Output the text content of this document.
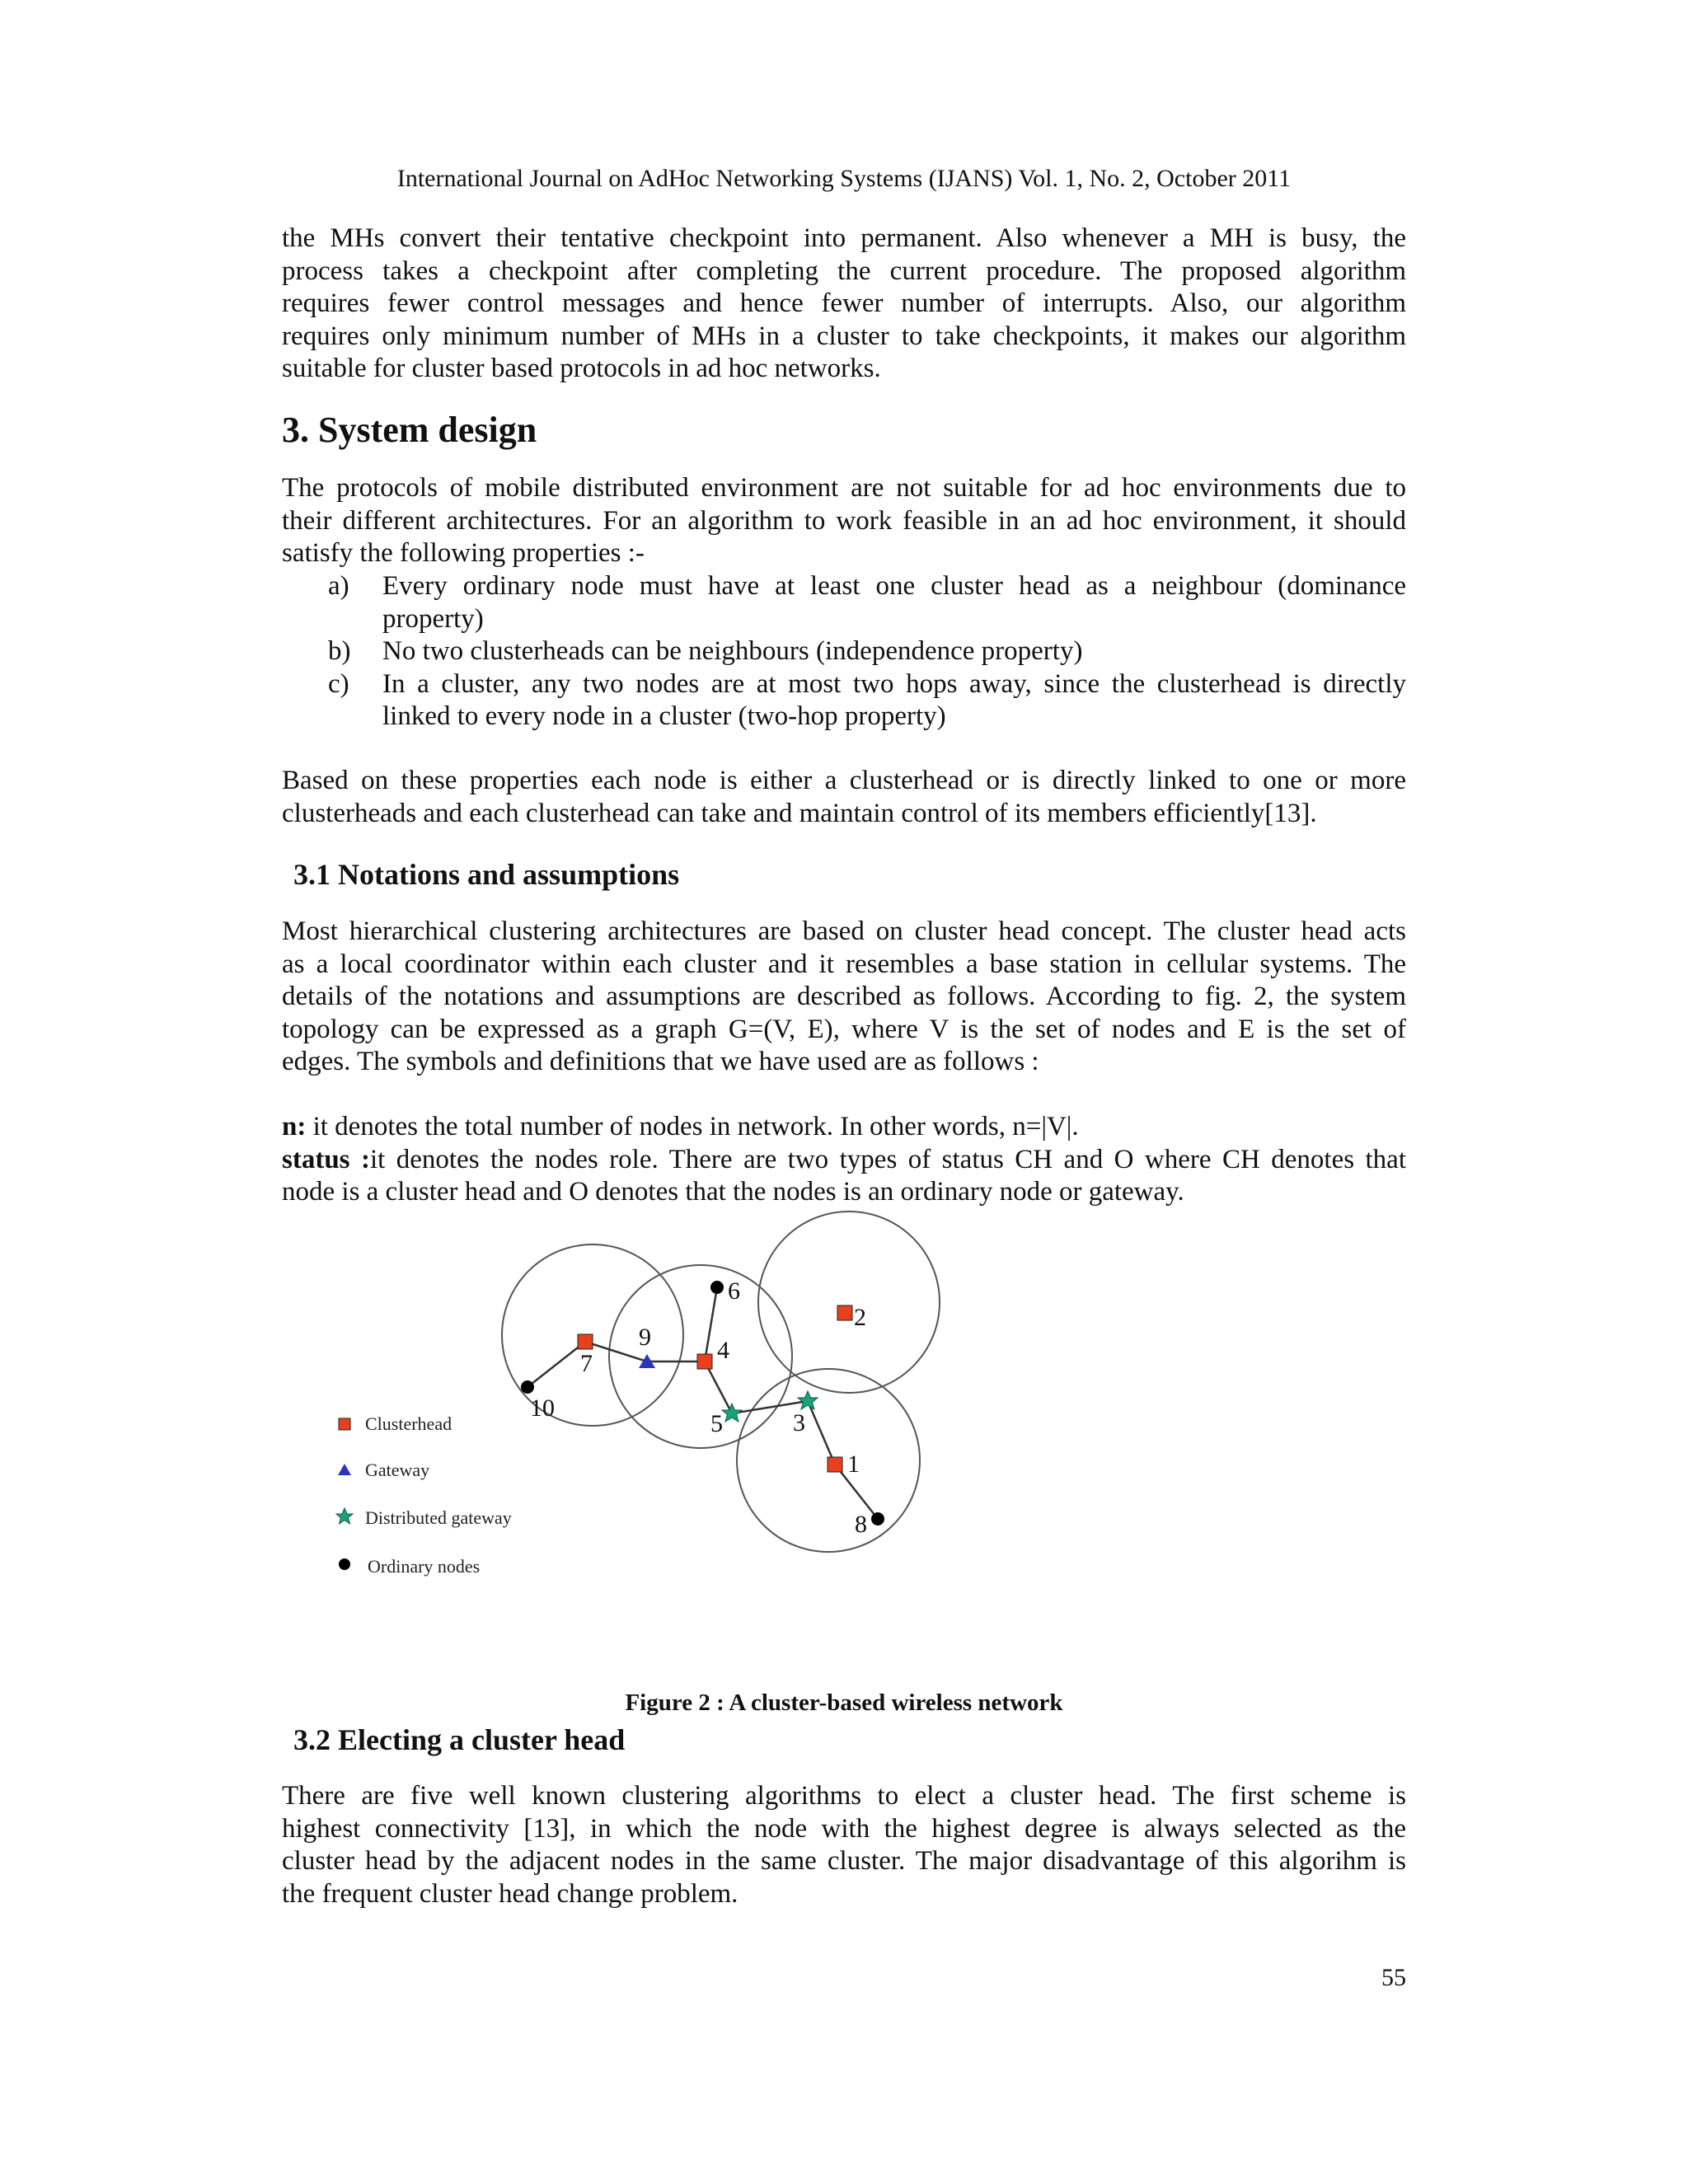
International Journal on AdHoc Networking Systems (IJANS) Vol. 1, No. 2, October 2011
the MHs convert their tentative checkpoint into permanent. Also whenever a MH is busy, the
process takes a checkpoint after completing the current procedure. The proposed algorithm
requires fewer control messages and hence fewer number of interrupts. Also, our algorithm
requires only minimum number of MHs in a cluster to take checkpoints, it makes our algorithm
suitable for cluster based protocols in ad hoc networks.
3. System design
The protocols of mobile distributed environment are not suitable for ad hoc environments due to
their different architectures. For an algorithm to work feasible in an ad hoc environment, it should
satisfy the following properties :-
a)	Every ordinary node must have at least one cluster head as a neighbour (dominance
property)
b)	No two clusterheads can be neighbours (independence property)
c)	In a cluster, any two nodes are at most two hops away, since the clusterhead is directly
linked to every node in a cluster (two-hop property)
Based on these properties each node is either a clusterhead or is directly linked to one or more
clusterheads and each clusterhead can take and maintain control of its members efficiently[13].
3.1 Notations and assumptions
Most hierarchical clustering architectures are based on cluster head concept. The cluster head acts
as a local coordinator within each cluster and it resembles a base station in cellular systems. The
details of the notations and assumptions are described as follows. According to fig. 2, the system
topology can be expressed as a graph G=(V, E), where V is the set of nodes and E is the set of
edges. The symbols and definitions that we have used are as follows :
n: it denotes the total number of nodes in network. In other words, n=|V|.
status :it denotes the nodes role. There are two types of status CH and O where CH denotes that
node is a cluster head and O denotes that the nodes is an ordinary node or gateway.
10
7
9	4
6
2
5	3
1
8
Clusterhead
Gateway
Distributed gateway
Ordinary nodes
Figure 2 : A cluster-based wireless network
3.2 Electing a cluster head
There are five well known clustering algorithms to elect a cluster head. The first scheme is
highest connectivity [13], in which the node with the highest degree is always selected as the
cluster head by the adjacent nodes in the same cluster. The major disadvantage of this algorihm is
the frequent cluster head change problem.
55
